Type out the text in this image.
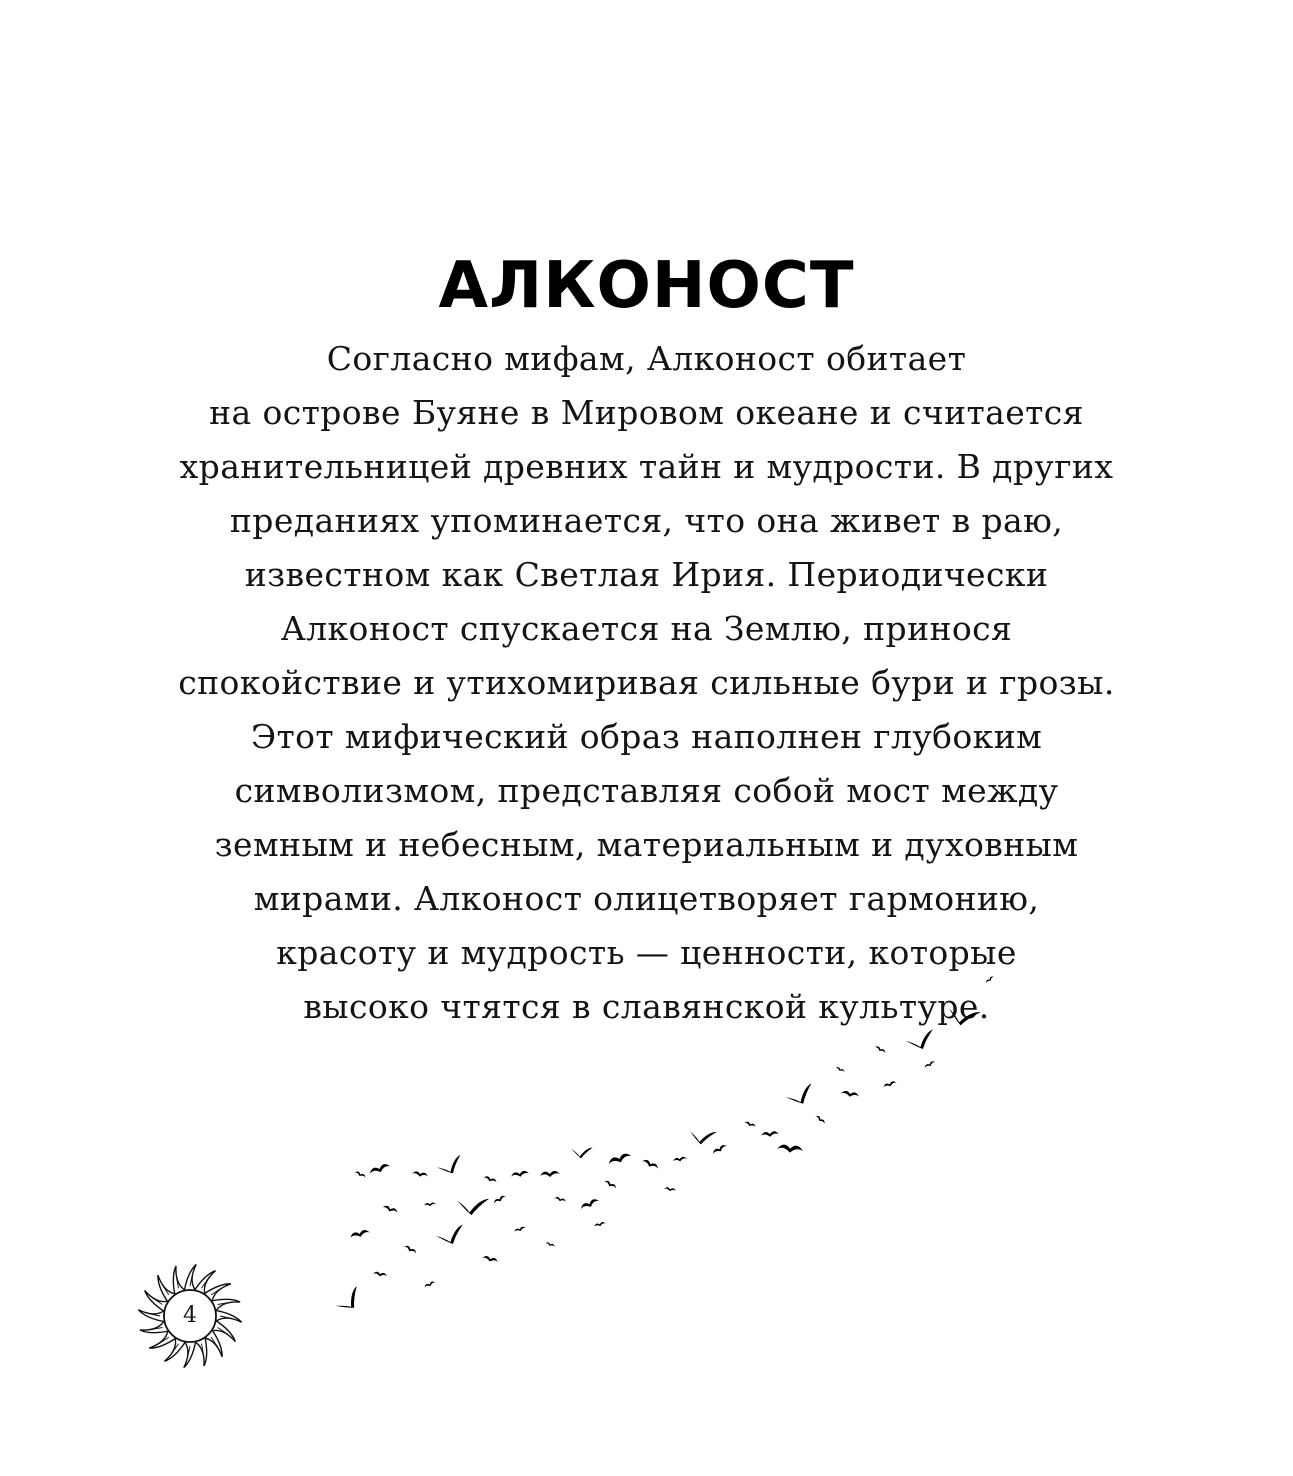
АЛКОНОСТ
Согласно мифам, Алконост обитает
на острове Буяне в Мировом океане и считается
хранительницей древних тайн и мудрости. В других
преданиях упоминается, что она живет в раю,
известном как Светлая Ирия. Периодически
Алконост спускается на Землю, принося
спокойствие и утихомиривая сильные бури и грозы.
Этот мифический образ наполнен глубоким
символизмом, представляя собой мост между
земным и небесным, материальным и духовным
мирами. Алконост олицетворяет гармонию,
красоту и мудрость — ценности, которые
высоко чтятся в славянской культуре.
4
